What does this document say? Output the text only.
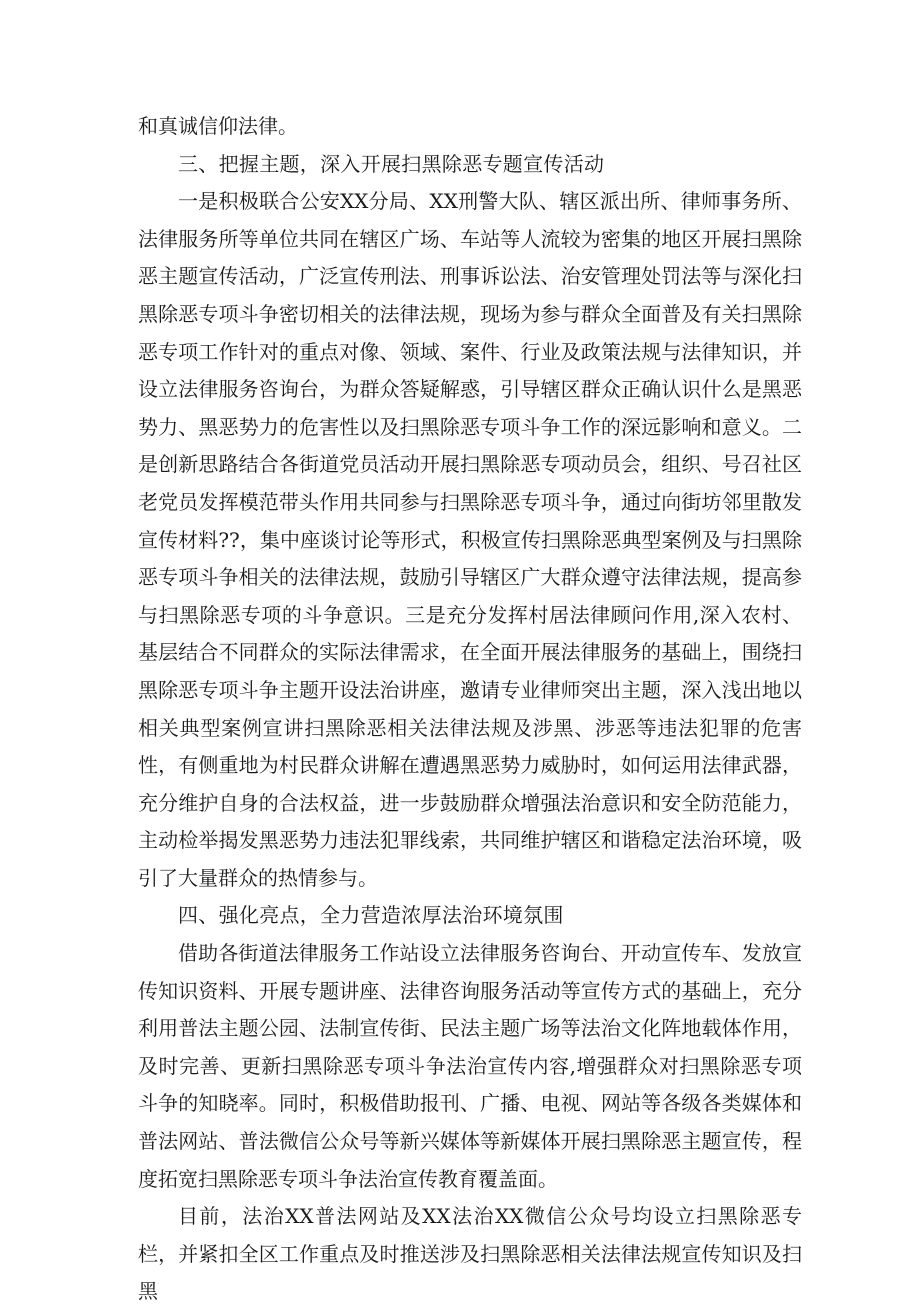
和真诚信仰法律。

三、把握主题，深入开展扫黑除恶专题宣传活动

一是积极联合公安XX分局、XX刑警大队、辖区派出所、律师事务所、法律服务所等单位共同在辖区广场、车站等人流较为密集的地区开展扫黑除恶主题宣传活动，广泛宣传刑法、刑事诉讼法、治安管理处罚法等与深化扫黑除恶专项斗争密切相关的法律法规，现场为参与群众全面普及有关扫黑除恶专项工作针对的重点对像、领域、案件、行业及政策法规与法律知识，并设立法律服务咨询台，为群众答疑解惑，引导辖区群众正确认识什么是黑恶势力、黑恶势力的危害性以及扫黑除恶专项斗争工作的深远影响和意义。二是创新思路结合各街道党员活动开展扫黑除恶专项动员会，组织、号召社区老党员发挥模范带头作用共同参与扫黑除恶专项斗争，通过向街坊邻里散发宣传材料??，集中座谈讨论等形式，积极宣传扫黑除恶典型案例及与扫黑除恶专项斗争相关的法律法规，鼓励引导辖区广大群众遵守法律法规，提高参与扫黑除恶专项的斗争意识。三是充分发挥村居法律顾问作用,深入农村、基层结合不同群众的实际法律需求，在全面开展法律服务的基础上，围绕扫黑除恶专项斗争主题开设法治讲座，邀请专业律师突出主题，深入浅出地以相关典型案例宣讲扫黑除恶相关法律法规及涉黑、涉恶等违法犯罪的危害性，有侧重地为村民群众讲解在遭遇黑恶势力威胁时，如何运用法律武器，充分维护自身的合法权益，进一步鼓励群众增强法治意识和安全防范能力，主动检举揭发黑恶势力违法犯罪线索，共同维护辖区和谐稳定法治环境，吸引了大量群众的热情参与。

四、强化亮点，全力营造浓厚法治环境氛围

借助各街道法律服务工作站设立法律服务咨询台、开动宣传车、发放宣传知识资料、开展专题讲座、法律咨询服务活动等宣传方式的基础上，充分利用普法主题公园、法制宣传街、民法主题广场等法治文化阵地载体作用，及时完善、更新扫黑除恶专项斗争法治宣传内容,增强群众对扫黑除恶专项斗争的知晓率。同时，积极借助报刊、广播、电视、网站等各级各类媒体和普法网站、普法微信公众号等新兴媒体等新媒体开展扫黑除恶主题宣传，程度拓宽扫黑除恶专项斗争法治宣传教育覆盖面。

目前，法治XX普法网站及XX法治XX微信公众号均设立扫黑除恶专栏，并紧扣全区工作重点及时推送涉及扫黑除恶相关法律法规宣传知识及扫黑
